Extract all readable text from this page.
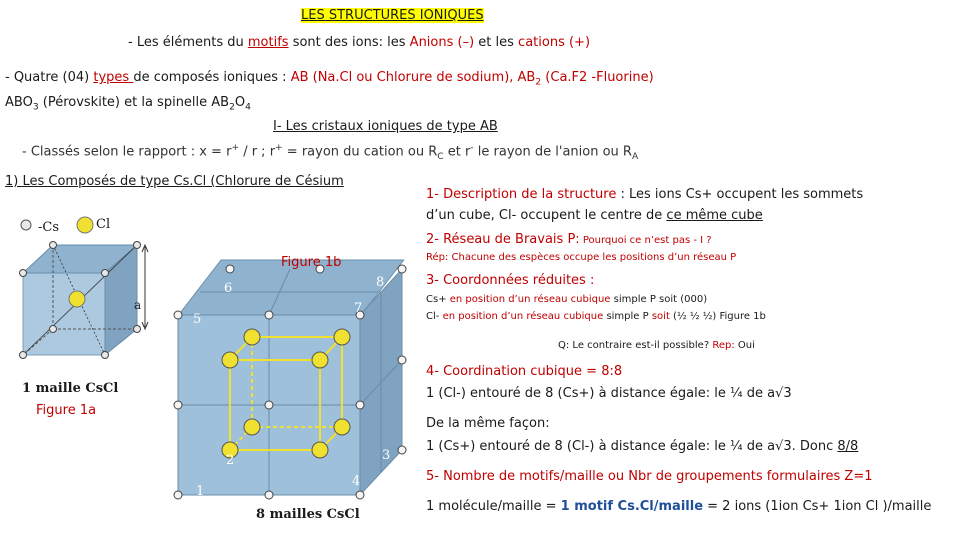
LES STRUCTURES IONIQUES
- Les éléments du motifs sont des ions: les Anions (–) et les cations (+)
- Quatre (04) types de composés ioniques : AB (Na.Cl ou Chlorure de sodium), $AB_2$ (Ca.F2 -Fluorine)
$ABO_3$ (Pérovskite) et la spinelle $AB_2O_4$
I- Les cristaux ioniques de type AB
- Classés selon le rapport : x = r+ / r ; r+ = rayon du cation ou $R_C$ et r- le rayon de l'anion ou $R_A$
1) Les Composés de type Cs.Cl (Chlorure de Césium
-Cs	Cl
a
1 maille CsCl
Figure 1a
Figure 1b
1
2	3
4
5
6
7
8
8 mailles CsCl
1- Description de la structure : Les ions Cs+ occupent les sommets
d’un cube, Cl- occupent le centre de ce même cube
2- Réseau de Bravais P: Pourquoi ce n’est pas - I ?
Rép: Chacune des espèces occupe les positions d’un réseau P
3- Coordonnées réduites :
Cs+ en position d’un réseau cubique simple P soit (000)
Cl- en position d’un réseau cubique simple P soit (½ ½ ½) Figure 1b
Q: Le contraire est-il possible? Rep: Oui
4- Coordination cubique = 8:8
1 (Cl-) entouré de 8 (Cs+) à distance égale: le ¼ de a√3
De la même façon:
1 (Cs+) entouré de 8 (Cl-) à distance égale: le ¼ de a√3. Donc 8/8
5- Nombre de motifs/maille ou Nbr de groupements formulaires Z=1
1 molécule/maille = 1 motif Cs.Cl/maille = 2 ions (1ion Cs+ 1ion Cl )/maille
